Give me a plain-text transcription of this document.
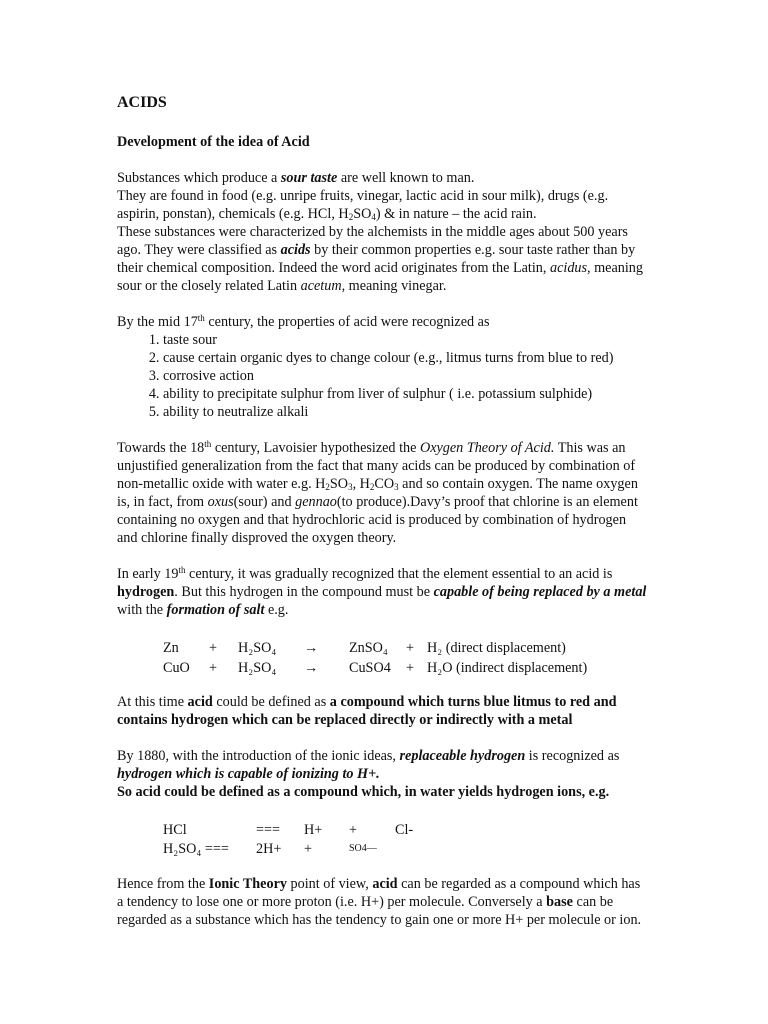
ACIDS
Development of the idea of Acid

Substances which produce a sour taste are well known to man.
They are found in food (e.g. unripe fruits, vinegar, lactic acid in sour milk), drugs (e.g. aspirin, ponstan), chemicals (e.g. HCl, $H_2SO_4$) & in nature – the acid rain.
These substances were characterized by the alchemists in the middle ages about 500 years ago. They were classified as acids by their common properties e.g. sour taste rather than by their chemical composition. Indeed the word acid originates from the Latin, acidus, meaning sour or the closely related Latin acetum, meaning vinegar.

By the mid 17th century, the properties of acid were recognized as

1. taste sour
2. cause certain organic dyes to change colour (e.g., litmus turns from blue to red)
3. corrosive action
4. ability to precipitate sulphur from liver of sulphur ( i.e. potassium sulphide)
5. ability to neutralize alkali

Towards the 18th century, Lavoisier hypothesized the Oxygen Theory of Acid. This was an unjustified generalization from the fact that many acids can be produced by combination of non-metallic oxide with water e.g. $H_2SO_3$, $H_2CO_3$ and so contain oxygen. The name oxygen is, in fact, from oxus(sour) and gennao(to produce).Davy’s proof that chlorine is an element containing no oxygen and that hydrochloric acid is produced by combination of hydrogen and chlorine finally disproved the oxygen theory.

In early 19th century, it was gradually recognized that the element essential to an acid is hydrogen. But this hydrogen in the compound must be capable of being replaced by a metal with the formation of salt e.g.

Zn + H₂SO₄ → ZnSO₄ + H₂ (direct displacement)
CuO + H₂SO₄ → CuSO4 + H₂O (indirect displacement)

At this time acid could be defined as a compound which turns blue litmus to red and contains hydrogen which can be replaced directly or indirectly with a metal

By 1880, with the introduction of the ionic ideas, replaceable hydrogen is recognized as hydrogen which is capable of ionizing to H+.
So acid could be defined as a compound which, in water yields hydrogen ions, e.g.

HCl	=== H+ +	Cl-
H₂SO₄ === 2H+ +	SO4—

Hence from the Ionic Theory point of view, acid can be regarded as a compound which has a tendency to lose one or more proton (i.e. H+) per molecule. Conversely a base can be regarded as a substance which has the tendency to gain one or more H+ per molecule or ion.
